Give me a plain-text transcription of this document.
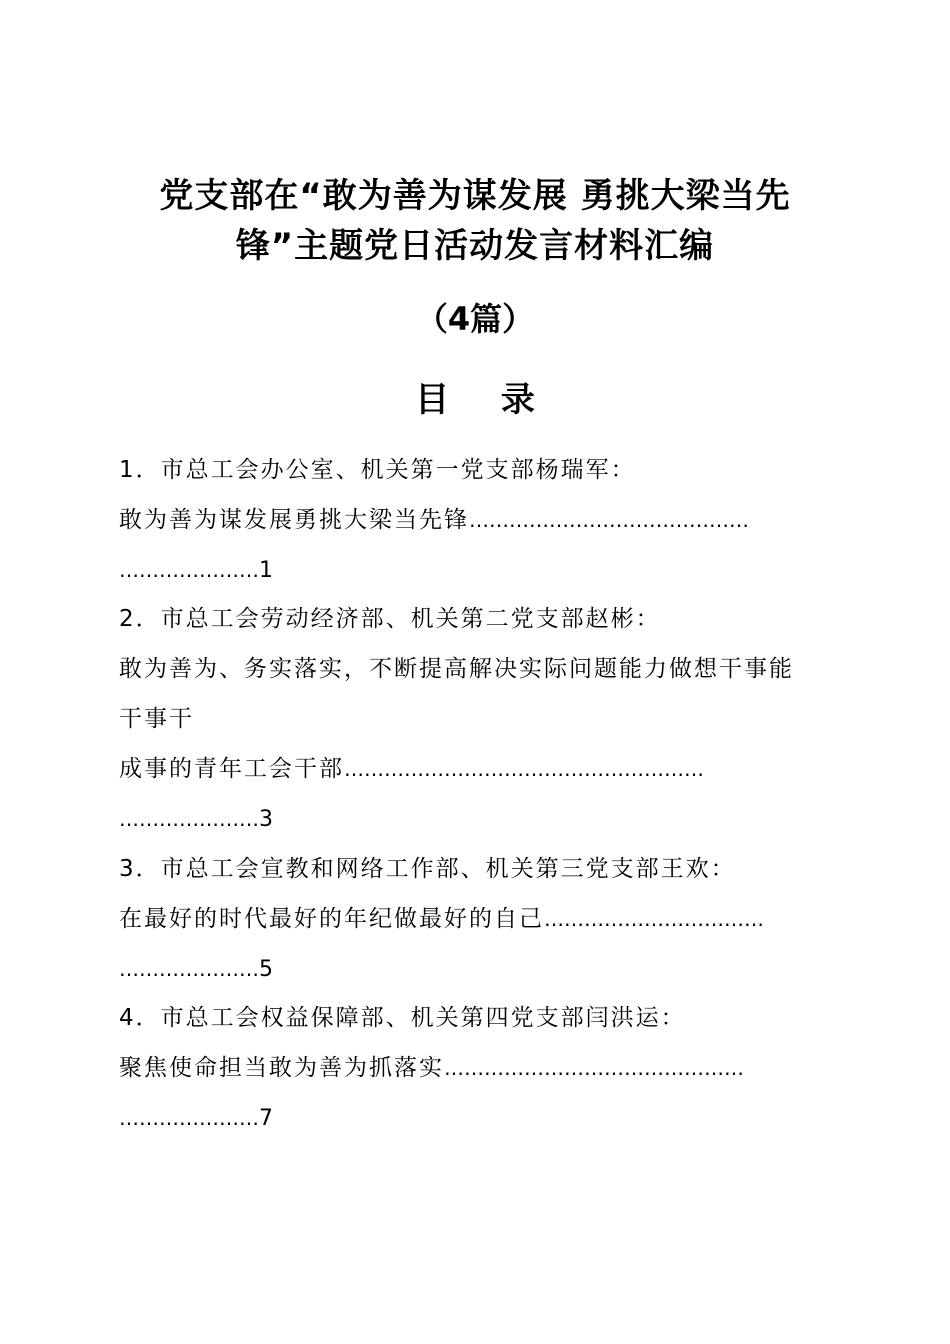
党支部在“敢为善为谋发展 勇挑大梁当先
锋”主题党日活动发言材料汇编
（4篇）
目 录
1．市总工会办公室、机关第一党支部杨瑞军：
敢为善为谋发展勇挑大梁当先锋……………………………………
…………………1
2．市总工会劳动经济部、机关第二党支部赵彬：
敢为善为、务实落实，不断提高解决实际问题能力做想干事能
干事干
成事的青年工会干部………………………………………………
…………………3
3．市总工会宣教和网络工作部、机关第三党支部王欢：
在最好的时代最好的年纪做最好的自己……………………………
…………………5
4．市总工会权益保障部、机关第四党支部闫洪运：
聚焦使命担当敢为善为抓落实………………………………………
…………………7
